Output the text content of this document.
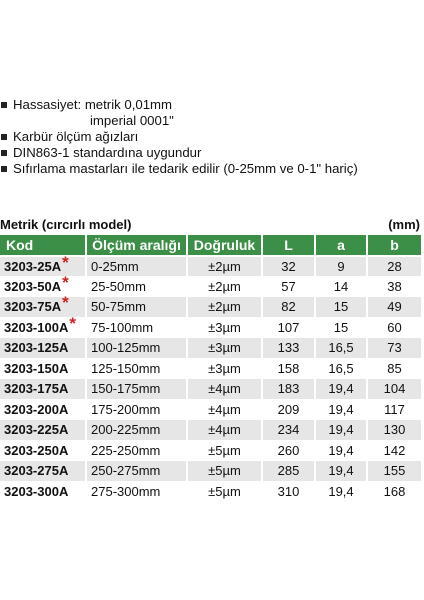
Hassasiyet: metrik 0,01mm
imperial 0001"
Karbür ölçüm ağızları
DIN863-1 standardına uygundur
Sıfırlama mastarları ile tedarik edilir (0-25mm ve 0-1" hariç)
Metrik (cırcırlı model)	(mm)
Kod	Ölçüm aralığı	Doğruluk	L	a	b
3203-25A*	0-25mm	±2µm	32	9	28
3203-50A*	25-50mm	±2µm	57	14	38
3203-75A*	50-75mm	±2µm	82	15	49
3203-100A*	75-100mm	±3µm	107	15	60
3203-125A	100-125mm	±3µm	133	16,5	73
3203-150A	125-150mm	±3µm	158	16,5	85
3203-175A	150-175mm	±4µm	183	19,4	104
3203-200A	175-200mm	±4µm	209	19,4	117
3203-225A	200-225mm	±4µm	234	19,4	130
3203-250A	225-250mm	±5µm	260	19,4	142
3203-275A	250-275mm	±5µm	285	19,4	155
3203-300A	275-300mm	±5µm	310	19,4	168
